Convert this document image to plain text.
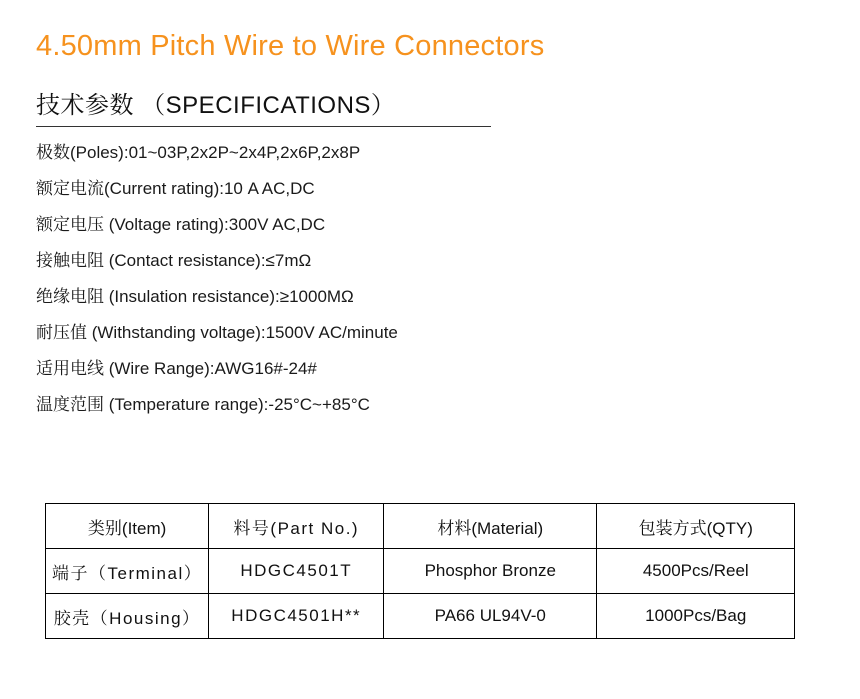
4.50mm Pitch Wire to Wire Connectors
技术参数 （SPECIFICATIONS）
极数(Poles):01~03P,2x2P~2x4P,2x6P,2x8P
额定电流(Current rating):10 A AC,DC
额定电压 (Voltage rating):300V AC,DC
接触电阻 (Contact resistance):≤7mΩ
绝缘电阻 (Insulation resistance):≥1000MΩ
耐压值 (Withstanding voltage):1500V AC/minute
适用电线 (Wire Range):AWG16#-24#
温度范围 (Temperature range):-25°C~+85°C
类别(Item)	料号(Part No.)	材料(Material)	包装方式(QTY)
端子（Terminal）	HDGC4501T	Phosphor Bronze	4500Pcs/Reel
胶壳（Housing）	HDGC4501H**	PA66 UL94V-0	1000Pcs/Bag
